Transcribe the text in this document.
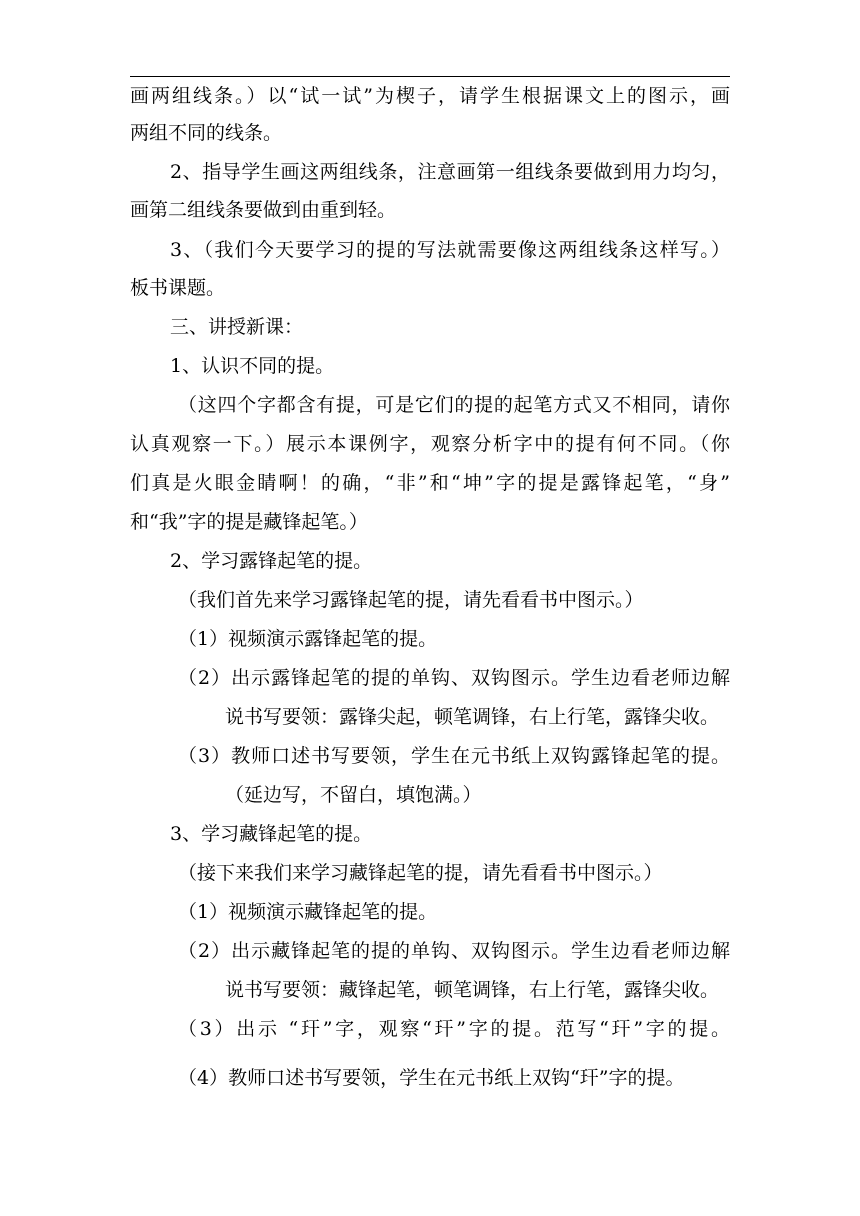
画两组线条。）以“试一试”为楔子，请学生根据课文上的图示，画
两组不同的线条。
2、指导学生画这两组线条，注意画第一组线条要做到用力均匀，
画第二组线条要做到由重到轻。
3、（我们今天要学习的提的写法就需要像这两组线条这样写。）
板书课题。
三、讲授新课：
1、认识不同的提。
（这四个字都含有提，可是它们的提的起笔方式又不相同，请你
认真观察一下。）展示本课例字，观察分析字中的提有何不同。（你
们真是火眼金睛啊！的确，“非”和“坤”字的提是露锋起笔，“身”
和“我”字的提是藏锋起笔。）
2、学习露锋起笔的提。
（我们首先来学习露锋起笔的提，请先看看书中图示。）
（1）视频演示露锋起笔的提。
（2）出示露锋起笔的提的单钩、双钩图示。学生边看老师边解
说书写要领：露锋尖起，顿笔调锋，右上行笔，露锋尖收。
（3）教师口述书写要领，学生在元书纸上双钩露锋起笔的提。
（延边写，不留白，填饱满。）
3、学习藏锋起笔的提。
（接下来我们来学习藏锋起笔的提，请先看看书中图示。）
（1）视频演示藏锋起笔的提。
（2）出示藏锋起笔的提的单钩、双钩图示。学生边看老师边解
说书写要领：藏锋起笔，顿笔调锋，右上行笔，露锋尖收。
（3）出示 “玕”字，观察“玕”字的提。范写“玕”字的提。
（4）教师口述书写要领，学生在元书纸上双钩“玕”字的提。
